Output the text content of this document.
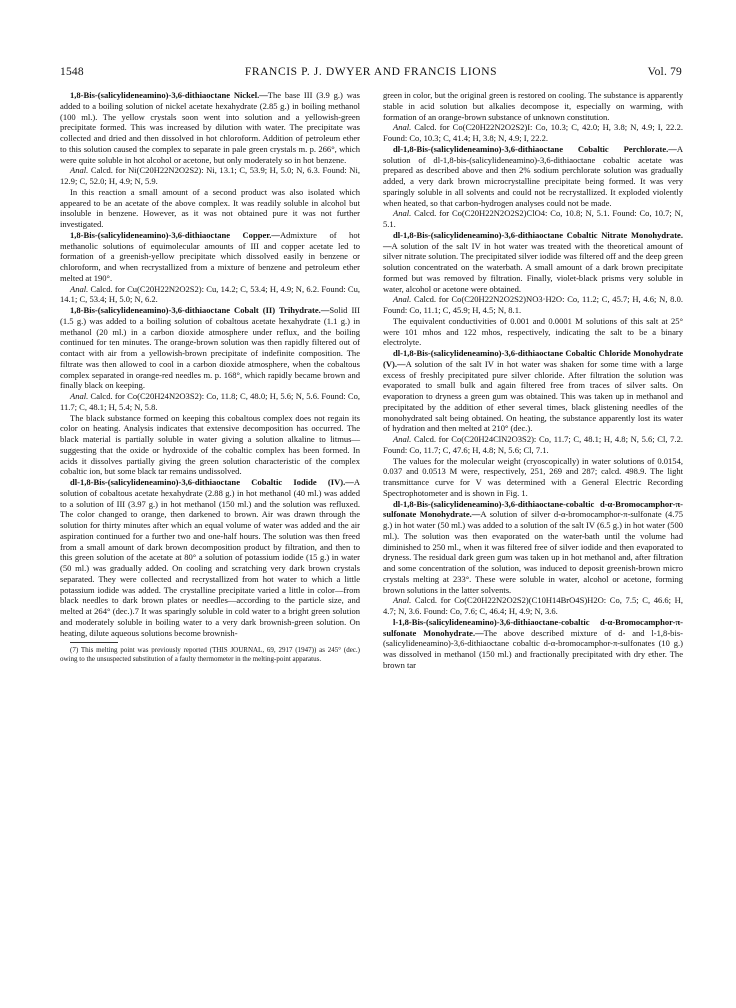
1548	FRANCIS P. J. DWYER AND FRANCIS LIONS	Vol. 79

1,8-Bis-(salicylideneamino)-3,6-dithiaoctane Nickel.—The base III (3.9 g.) was added to a boiling solution of nickel acetate hexahydrate (2.85 g.) in boiling methanol (100 ml.). The yellow crystals soon went into solution and a yellowish-green precipitate formed. This was increased by dilution with water. The precipitate was collected and dried and then dissolved in hot chloroform. Addition of petroleum ether to this solution caused the complex to separate in pale green crystals m. p. 266°, which were quite soluble in hot alcohol or acetone, but only moderately so in hot benzene.

Anal. Calcd. for Ni(C20H22N2O2S2): Ni, 13.1; C, 53.9; H, 5.0; N, 6.3. Found: Ni, 12.9; C, 52.0; H, 4.9; N, 5.9.

In this reaction a small amount of a second product was also isolated which appeared to be an acetate of the above complex. It was readily soluble in alcohol but insoluble in benzene. However, as it was not obtained pure it was not further investigated.

1,8-Bis-(salicylideneamino)-3,6-dithiaoctane Copper.—Admixture of hot methanolic solutions of equimolecular amounts of III and copper acetate led to formation of a greenish-yellow precipitate which dissolved easily in benzene or chloroform, and when recrystallized from a mixture of benzene and petroleum ether melted at 190°.

Anal. Calcd. for Cu(C20H22N2O2S2): Cu, 14.2; C, 53.4; H, 4.9; N, 6.2. Found: Cu, 14.1; C, 53.4; H, 5.0; N, 6.2.

1,8-Bis-(salicylideneamino)-3,6-dithiaoctane Cobalt (II) Trihydrate.—Solid III (1.5 g.) was added to a boiling solution of cobaltous acetate hexahydrate (1.1 g.) in methanol (20 ml.) in a carbon dioxide atmosphere under reflux, and the boiling continued for ten minutes. The orange-brown solution was then rapidly filtered out of contact with air from a yellowish-brown precipitate of indefinite composition. The filtrate was then allowed to cool in a carbon dioxide atmosphere, when the cobaltous complex separated in orange-red needles m. p. 168°, which rapidly became brown and finally black on keeping.

Anal. Calcd. for Co(C20H24N2O3S2): Co, 11.8; C, 48.0; H, 5.6; N, 5.6. Found: Co, 11.7; C, 48.1; H, 5.4; N, 5.8.

The black substance formed on keeping this cobaltous complex does not regain its color on heating. Analysis indicates that extensive decomposition has occurred. The black material is partially soluble in water giving a solution alkaline to litmus—suggesting that the oxide or hydroxide of the cobaltic complex has been formed. In acids it dissolves partially giving the green solution characteristic of the complex cobaltic ion, but some black tar remains undissolved.

dl-1,8-Bis-(salicylideneamino)-3,6-dithiaoctane Cobaltic Iodide (IV).—A solution of cobaltous acetate hexahydrate (2.88 g.) in hot methanol (40 ml.) was added to a solution of III (3.97 g.) in hot methanol (150 ml.) and the solution was refluxed. The color changed to orange, then darkened to brown. Air was drawn through the solution for thirty minutes after which an equal volume of water was added and the air aspiration continued for a further two and one-half hours. The solution was then freed from a small amount of dark brown decomposition product by filtration, and then to this green solution of the acetate at 80° a solution of potassium iodide (15 g.) in water (50 ml.) was gradually added. On cooling and scratching very dark brown crystals separated. They were collected and recrystallized from hot water to which a little potassium iodide was added. The crystalline precipitate varied a little in color—from black needles to dark brown plates or needles—according to the particle size, and melted at 264° (dec.).7 It was sparingly soluble in cold water to a bright green solution and moderately soluble in boiling water to a very dark brownish-green solution. On heating, dilute aqueous solutions become brownish-

(7) This melting point was previously reported (THIS JOURNAL, 69, 2917 (1947)) as 245° (dec.) owing to the unsuspected substitution of a faulty thermometer in the melting-point apparatus.

green in color, but the original green is restored on cooling. The substance is apparently stable in acid solution but alkalies decompose it, especially on warming, with formation of an orange-brown substance of unknown constitution.

Anal. Calcd. for Co(C20H22N2O2S2)I: Co, 10.3; C, 42.0; H, 3.8; N, 4.9; I, 22.2. Found: Co, 10.3; C, 41.4; H, 3.8; N, 4.9; I, 22.2.

dl-1,8-Bis-(salicylideneamino)-3,6-dithiaoctane Cobaltic Perchlorate.—A solution of dl-1,8-bis-(salicylideneamino)-3,6-dithiaoctane cobaltic acetate was prepared as described above and then 2% sodium perchlorate solution was gradually added, a very dark brown microcrystalline precipitate being formed. It was very sparingly soluble in all solvents and could not be recrystallized. It exploded violently when heated, so that carbon-hydrogen analyses could not be made.

Anal. Calcd. for Co(C20H22N2O2S2)ClO4: Co, 10.8; N, 5.1. Found: Co, 10.7; N, 5.1.

dl-1,8-Bis-(salicylideneamino)-3,6-dithiaoctane Cobaltic Nitrate Monohydrate.—A solution of the salt IV in hot water was treated with the theoretical amount of silver nitrate solution. The precipitated silver iodide was filtered off and the deep green solution concentrated on the waterbath. A small amount of a dark brown precipitate formed but was removed by filtration. Finally, violet-black prisms very soluble in water, alcohol or acetone were obtained.

Anal. Calcd. for Co(C20H22N2O2S2)NO3·H2O: Co, 11.2; C, 45.7; H, 4.6; N, 8.0. Found: Co, 11.1; C, 45.9; H, 4.5; N, 8.1.

The equivalent conductivities of 0.001 and 0.0001 M solutions of this salt at 25° were 101 mhos and 122 mhos, respectively, indicating the salt to be a binary electrolyte.

dl-1,8-Bis-(salicylideneamino)-3,6-dithiaoctane Cobaltic Chloride Monohydrate (V).—A solution of the salt IV in hot water was shaken for some time with a large excess of freshly precipitated pure silver chloride. After filtration the solution was evaporated to small bulk and again filtered free from traces of silver salts. On evaporation to dryness a green gum was obtained. This was taken up in methanol and precipitated by the addition of ether several times, black glistening needles of the monohydrated salt being obtained. On heating, the substance apparently lost its water of hydration and then melted at 210° (dec.).

Anal. Calcd. for Co(C20H24ClN2O3S2): Co, 11.7; C, 48.1; H, 4.8; N, 5.6; Cl, 7.2. Found: Co, 11.7; C, 47.6; H, 4.8; N, 5.6; Cl, 7.1.

The values for the molecular weight (cryoscopically) in water solutions of 0.0154, 0.037 and 0.0513 M were, respectively, 251, 269 and 287; calcd. 498.9. The light transmittance curve for V was determined with a General Electric Recording Spectrophotometer and is shown in Fig. 1.

dl-1,8-Bis-(salicylideneamino)-3,6-dithiaoctane-cobaltic d-α-Bromocamphor-π-sulfonate Monohydrate.—A solution of silver d-α-bromocamphor-π-sulfonate (4.75 g.) in hot water (50 ml.) was added to a solution of the salt IV (6.5 g.) in hot water (500 ml.). The solution was then evaporated on the water-bath until the volume had diminished to 250 ml., when it was filtered free of silver iodide and then evaporated to dryness. The residual dark green gum was taken up in hot methanol and, after filtration and some concentration of the solution, was induced to deposit greenish-brown micro crystals melting at 233°. These were soluble in water, alcohol or acetone, forming brown solutions in the latter solvents.

Anal. Calcd. for Co(C20H22N2O2S2)(C10H14BrO4S)H2O: Co, 7.5; C, 46.6; H, 4.7; N, 3.6. Found: Co, 7.6; C, 46.4; H, 4.9; N, 3.6.

l-1,8-Bis-(salicylideneamino)-3,6-dithiaoctane-cobaltic d-α-Bromocamphor-π-sulfonate Monohydrate.—The above described mixture of d- and l-1,8-bis-(salicylideneamino)-3,6-dithiaoctane cobaltic d-α-bromocamphor-π-sulfonates (10 g.) was dissolved in methanol (150 ml.) and fractionally precipitated with dry ether. The brown tar
